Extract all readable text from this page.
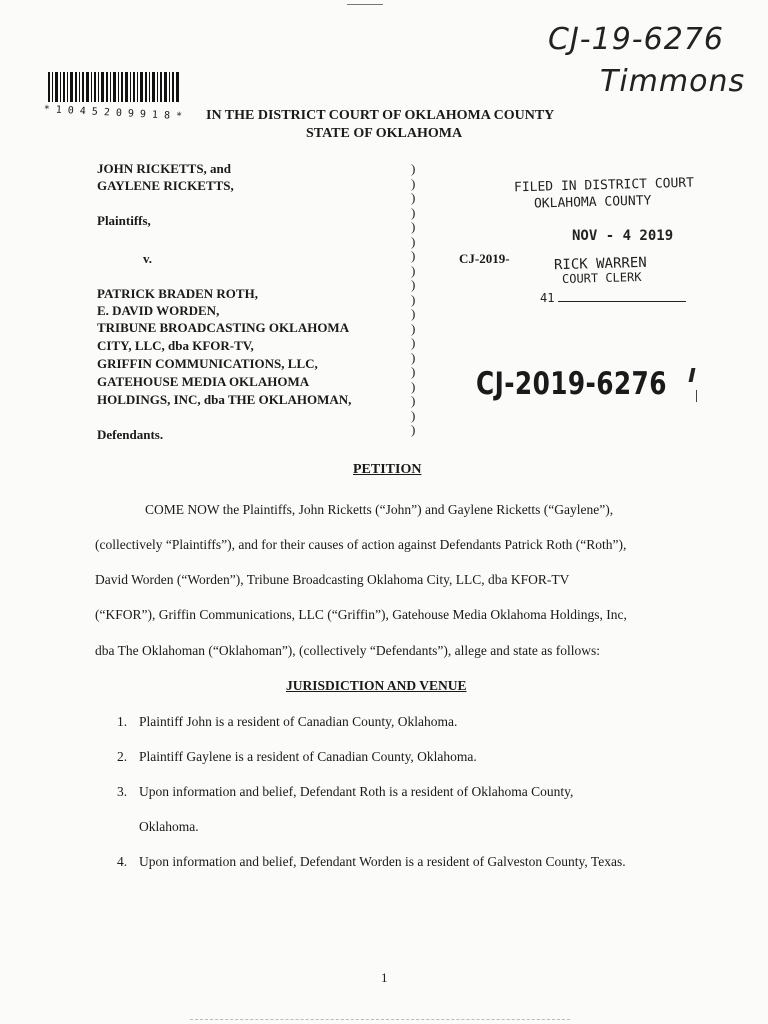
CJ-19-6276
Timmons
* 1 0 4 5 2 0 9 9 1 8 * IN THE DISTRICT COURT OF OKLAHOMA COUNTY
STATE OF OKLAHOMA
JOHN RICKETTS, and
GAYLENE RICKETTS,
Plaintiffs,
v.
PATRICK BRADEN ROTH,
E. DAVID WORDEN,
TRIBUNE BROADCASTING OKLAHOMA
CITY, LLC, dba KFOR-TV,
GRIFFIN COMMUNICATIONS, LLC,
GATEHOUSE MEDIA OKLAHOMA
HOLDINGS, INC, dba THE OKLAHOMAN,
Defendants.
)
)
)
)
)
)
)
)
)
)
)
)
)
)
)
)
)
)
)
CJ-2019-
FILED IN DISTRICT COURT
OKLAHOMA COUNTY
NOV - 4 2019
RICK WARREN
COURT CLERK
41
CJ-2019-6276
PETITION
COME NOW the Plaintiffs, John Ricketts (“John”) and Gaylene Ricketts (“Gaylene”),
(collectively “Plaintiffs”), and for their causes of action against Defendants Patrick Roth (“Roth”),
David Worden (“Worden”), Tribune Broadcasting Oklahoma City, LLC, dba KFOR-TV
(“KFOR”), Griffin Communications, LLC (“Griffin”), Gatehouse Media Oklahoma Holdings, Inc,
dba The Oklahoman (“Oklahoman”), (collectively “Defendants”), allege and state as follows:
JURISDICTION AND VENUE
1. Plaintiff John is a resident of Canadian County, Oklahoma.
2. Plaintiff Gaylene is a resident of Canadian County, Oklahoma.
3. Upon information and belief, Defendant Roth is a resident of Oklahoma County,
Oklahoma.
4. Upon information and belief, Defendant Worden is a resident of Galveston County, Texas.
1
